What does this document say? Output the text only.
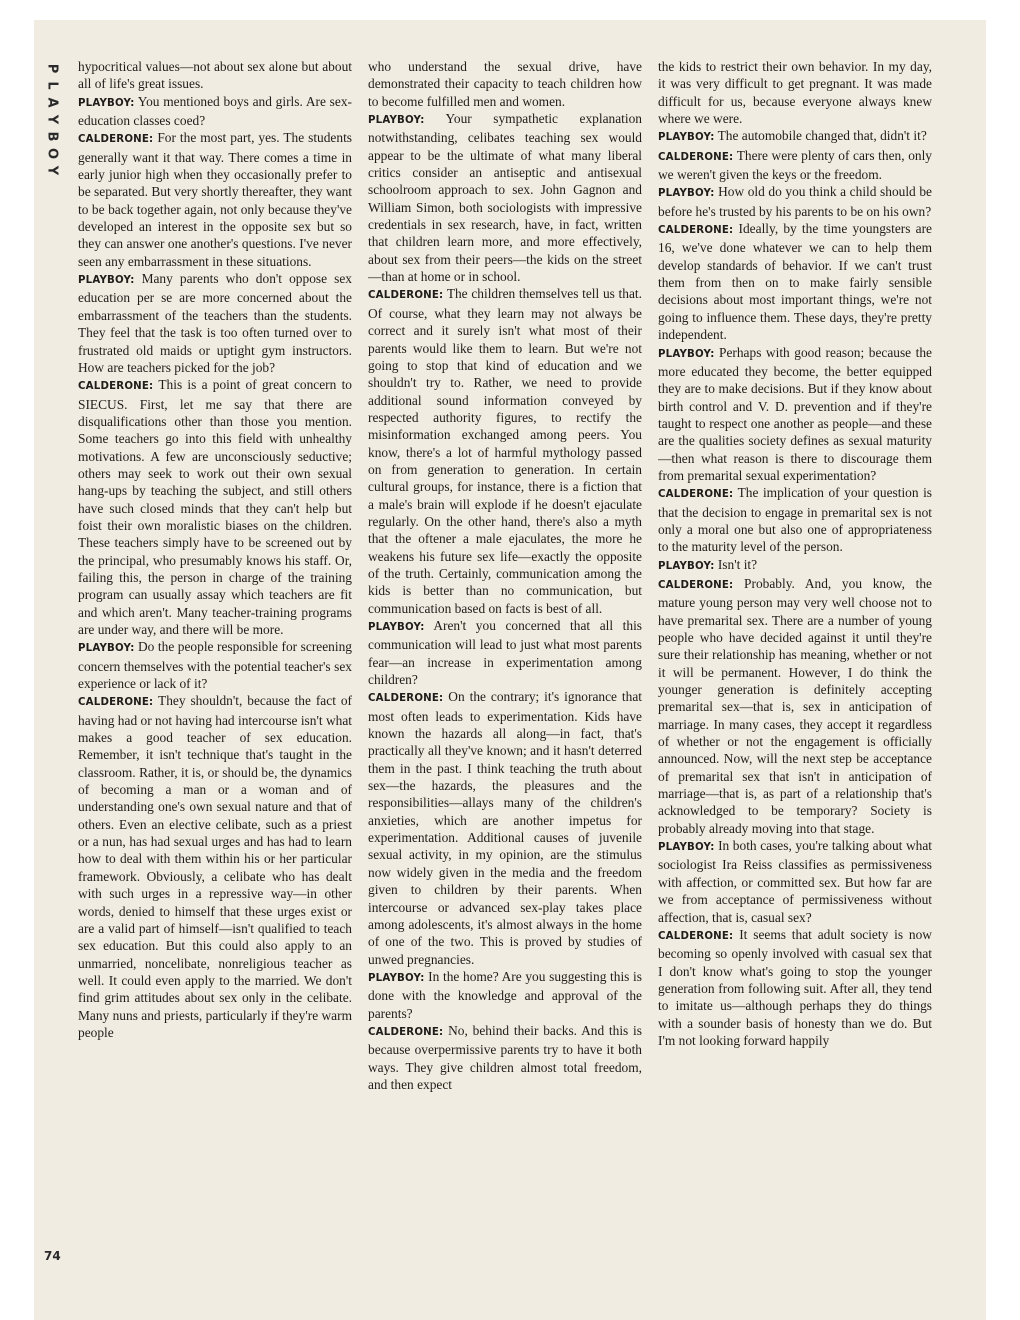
P
L
A
Y
B
O
Y

hypocritical values—not about sex alone but about all of life's great issues.

PLAYBOY: You mentioned boys and girls. Are sex-education classes coed?

CALDERONE: For the most part, yes. The students generally want it that way. There comes a time in early junior high when they occasionally prefer to be separated. But very shortly thereafter, they want to be back together again, not only because they've developed an interest in the opposite sex but so they can answer one another's questions. I've never seen any embarrassment in these situations.

PLAYBOY: Many parents who don't oppose sex education per se are more concerned about the embarrassment of the teachers than the students. They feel that the task is too often turned over to frustrated old maids or uptight gym instructors. How are teachers picked for the job?

CALDERONE: This is a point of great concern to SIECUS. First, let me say that there are disqualifications other than those you mention. Some teachers go into this field with unhealthy motivations. A few are unconsciously seductive; others may seek to work out their own sexual hang-ups by teaching the subject, and still others have such closed minds that they can't help but foist their own moralistic biases on the children. These teachers simply have to be screened out by the principal, who presumably knows his staff. Or, failing this, the person in charge of the training program can usually assay which teachers are fit and which aren't. Many teacher-training programs are under way, and there will be more.

PLAYBOY: Do the people responsible for screening concern themselves with the potential teacher's sex experience or lack of it?

CALDERONE: They shouldn't, because the fact of having had or not having had intercourse isn't what makes a good teacher of sex education. Remember, it isn't technique that's taught in the classroom. Rather, it is, or should be, the dynamics of becoming a man or a woman and of understanding one's own sexual nature and that of others. Even an elective celibate, such as a priest or a nun, has had sexual urges and has had to learn how to deal with them within his or her particular framework. Obviously, a celibate who has dealt with such urges in a repressive way—in other words, denied to himself that these urges exist or are a valid part of himself—isn't qualified to teach sex education. But this could also apply to an unmarried, noncelibate, nonreligious teacher as well. It could even apply to the married. We don't find grim attitudes about sex only in the celibate. Many nuns and priests, particularly if they're warm people

who understand the sexual drive, have demonstrated their capacity to teach children how to become fulfilled men and women.

PLAYBOY: Your sympathetic explanation notwithstanding, celibates teaching sex would appear to be the ultimate of what many liberal critics consider an antiseptic and antisexual schoolroom approach to sex. John Gagnon and William Simon, both sociologists with impressive credentials in sex research, have, in fact, written that children learn more, and more effectively, about sex from their peers—the kids on the street—than at home or in school.

CALDERONE: The children themselves tell us that. Of course, what they learn may not always be correct and it surely isn't what most of their parents would like them to learn. But we're not going to stop that kind of education and we shouldn't try to. Rather, we need to provide additional sound information conveyed by respected authority figures, to rectify the misinformation exchanged among peers. You know, there's a lot of harmful mythology passed on from generation to generation. In certain cultural groups, for instance, there is a fiction that a male's brain will explode if he doesn't ejaculate regularly. On the other hand, there's also a myth that the oftener a male ejaculates, the more he weakens his future sex life—exactly the opposite of the truth. Certainly, communication among the kids is better than no communication, but communication based on facts is best of all.

PLAYBOY: Aren't you concerned that all this communication will lead to just what most parents fear—an increase in experimentation among children?

CALDERONE: On the contrary; it's ignorance that most often leads to experimentation. Kids have known the hazards all along—in fact, that's practically all they've known; and it hasn't deterred them in the past. I think teaching the truth about sex—the hazards, the pleasures and the responsibilities—allays many of the children's anxieties, which are another impetus for experimentation. Additional causes of juvenile sexual activity, in my opinion, are the stimulus now widely given in the media and the freedom given to children by their parents. When intercourse or advanced sex-play takes place among adolescents, it's almost always in the home of one of the two. This is proved by studies of unwed pregnancies.

PLAYBOY: In the home? Are you suggesting this is done with the knowledge and approval of the parents?

CALDERONE: No, behind their backs. And this is because overpermissive parents try to have it both ways. They give children almost total freedom, and then expect

the kids to restrict their own behavior. In my day, it was very difficult to get pregnant. It was made difficult for us, because everyone always knew where we were.

PLAYBOY: The automobile changed that, didn't it?

CALDERONE: There were plenty of cars then, only we weren't given the keys or the freedom.

PLAYBOY: How old do you think a child should be before he's trusted by his parents to be on his own?

CALDERONE: Ideally, by the time youngsters are 16, we've done whatever we can to help them develop standards of behavior. If we can't trust them from then on to make fairly sensible decisions about most important things, we're not going to influence them. These days, they're pretty independent.

PLAYBOY: Perhaps with good reason; because the more educated they become, the better equipped they are to make decisions. But if they know about birth control and V. D. prevention and if they're taught to respect one another as people—and these are the qualities society defines as sexual maturity—then what reason is there to discourage them from premarital sexual experimentation?

CALDERONE: The implication of your question is that the decision to engage in premarital sex is not only a moral one but also one of appropriateness to the maturity level of the person.

PLAYBOY: Isn't it?

CALDERONE: Probably. And, you know, the mature young person may very well choose not to have premarital sex. There are a number of young people who have decided against it until they're sure their relationship has meaning, whether or not it will be permanent. However, I do think the younger generation is definitely accepting premarital sex—that is, sex in anticipation of marriage. In many cases, they accept it regardless of whether or not the engagement is officially announced. Now, will the next step be acceptance of premarital sex that isn't in anticipation of marriage—that is, as part of a relationship that's acknowledged to be temporary? Society is probably already moving into that stage.

PLAYBOY: In both cases, you're talking about what sociologist Ira Reiss classifies as permissiveness with affection, or committed sex. But how far are we from acceptance of permissiveness without affection, that is, casual sex?

CALDERONE: It seems that adult society is now becoming so openly involved with casual sex that I don't know what's going to stop the younger generation from following suit. After all, they tend to imitate us—although perhaps they do things with a sounder basis of honesty than we do. But I'm not looking forward happily

74
